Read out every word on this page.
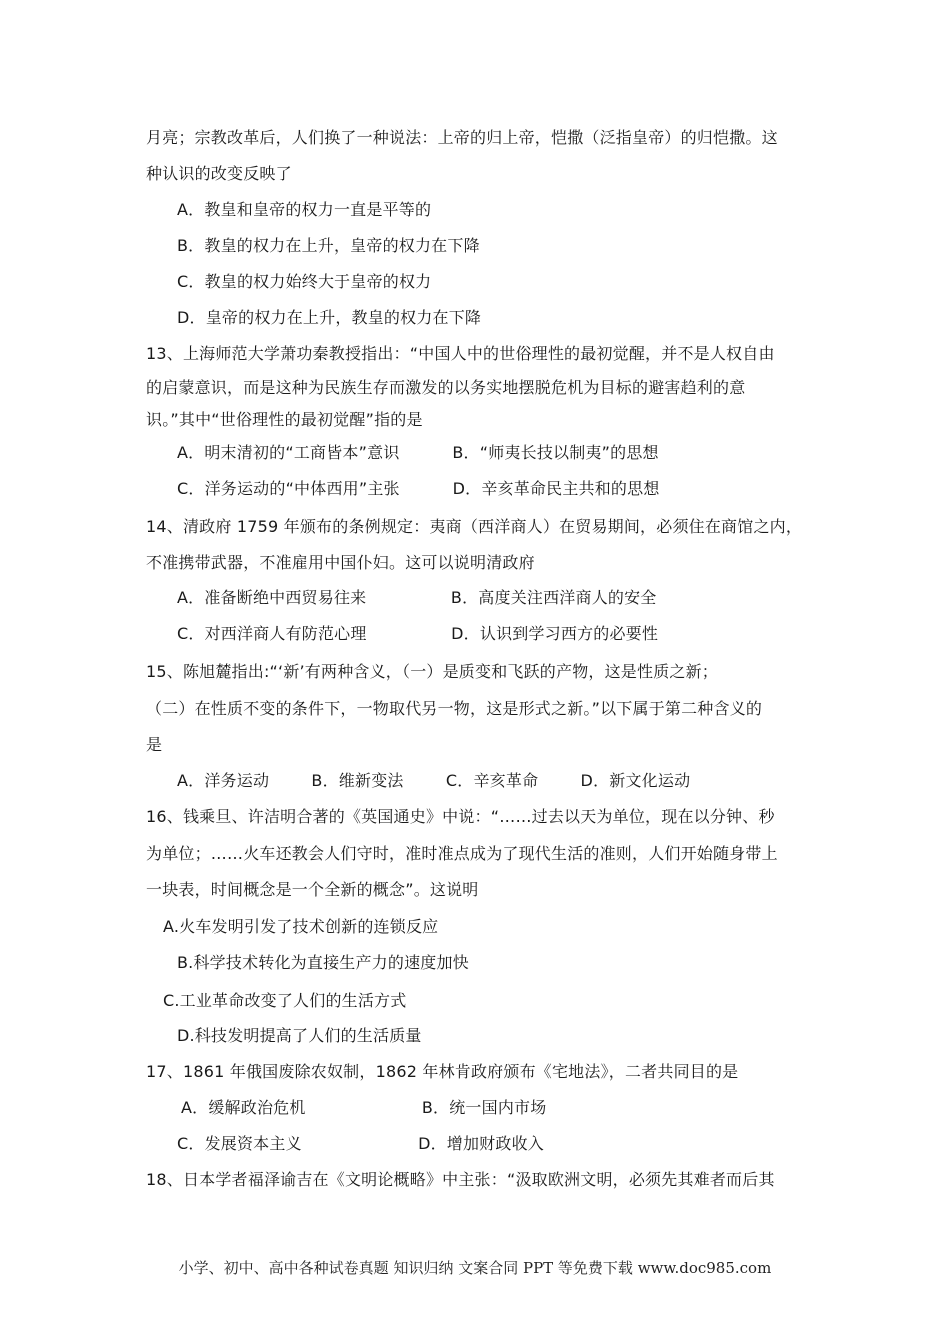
月亮；宗教改革后，人们换了一种说法：上帝的归上帝，恺撒（泛指皇帝）的归恺撒。这
种认识的改变反映了
A．教皇和皇帝的权力一直是平等的
B．教皇的权力在上升，皇帝的权力在下降
C．教皇的权力始终大于皇帝的权力
D．皇帝的权力在上升，教皇的权力在下降
13、上海师范大学萧功秦教授指出：“中国人中的世俗理性的最初觉醒，并不是人权自由
的启蒙意识，而是这种为民族生存而激发的以务实地摆脱危机为目标的避害趋利的意
识。”其中“世俗理性的最初觉醒”指的是
A．明末清初的“工商皆本”意识          B．“师夷长技以制夷”的思想
C．洋务运动的“中体西用”主张          D．辛亥革命民主共和的思想
14、清政府 1759 年颁布的条例规定：夷商（西洋商人）在贸易期间，必须住在商馆之内，
不准携带武器，不准雇用中国仆妇。这可以说明清政府
A．准备断绝中西贸易往来                B．高度关注西洋商人的安全
C．对西洋商人有防范心理                D．认识到学习西方的必要性
15、陈旭麓指出:“‘新’有两种含义，（一）是质变和飞跃的产物，这是性质之新；
（二）在性质不变的条件下，一物取代另一物，这是形式之新。”以下属于第二种含义的
是
A．洋务运动        B．维新变法        C．辛亥革命        D．新文化运动
16、钱乘旦、许洁明合著的《英国通史》中说：“……过去以天为单位，现在以分钟、秒
为单位；……火车还教会人们守时，准时准点成为了现代生活的准则，人们开始随身带上
一块表，时间概念是一个全新的概念”。这说明
A.火车发明引发了技术创新的连锁反应
B.科学技术转化为直接生产力的速度加快
C.工业革命改变了人们的生活方式
D.科技发明提高了人们的生活质量
17、1861 年俄国废除农奴制，1862 年林肯政府颁布《宅地法》，二者共同目的是
A．缓解政治危机                      B．统一国内市场
C．发展资本主义                      D．增加财政收入
18、日本学者福泽谕吉在《文明论概略》中主张：“汲取欧洲文明，必须先其难者而后其
小学、初中、高中各种试卷真题 知识归纳 文案合同 PPT 等免费下载 www.doc985.com
